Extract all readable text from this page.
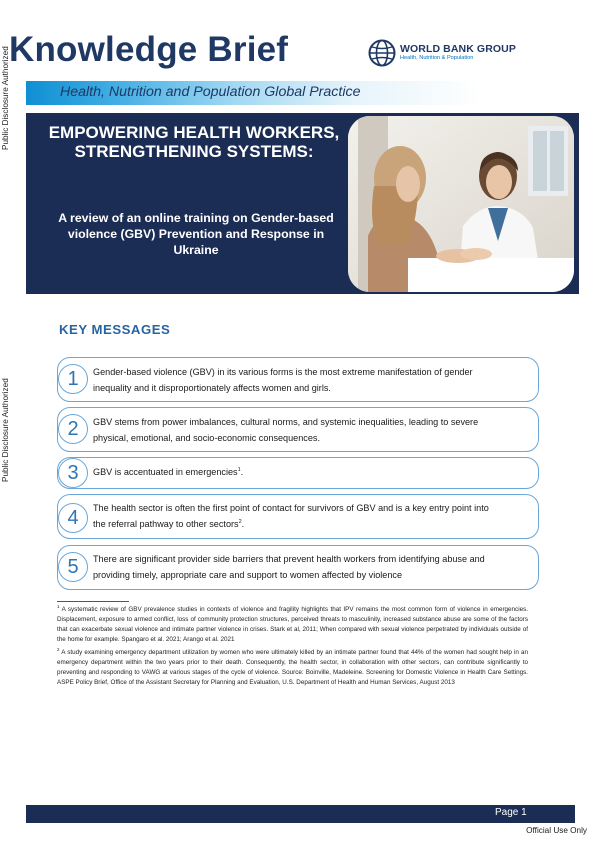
Public Disclosure Authorized
Public Disclosure Authorized
Knowledge Brief	WORLD BANK GROUP
Health, Nutrition & Population
Health, Nutrition and Population Global Practice
EMPOWERING HEALTH WORKERS, STRENGTHENING SYSTEMS:
A review of an online training on Gender-based violence (GBV) Prevention and Response in Ukraine
KEY MESSAGES
1	Gender-based violence (GBV) in its various forms is the most extreme manifestation of gender inequality and it disproportionately affects women and girls.
2	GBV stems from power imbalances, cultural norms, and systemic inequalities, leading to severe physical, emotional, and socio-economic consequences.
3	GBV is accentuated in emergencies$^1$.
4	The health sector is often the first point of contact for survivors of GBV and is a key entry point into the referral pathway to other sectors$^2$.
5	There are significant provider side barriers that prevent health workers from identifying abuse and providing timely, appropriate care and support to women affected by violence
$^1$ A systematic review of GBV prevalence studies in contexts of violence and fragility highlights that IPV remains the most common form of violence in emergencies. Displacement, exposure to armed conflict, loss of community protection structures, perceived threats to masculinity, increased substance abuse are some of the factors that can exacerbate sexual violence and intimate partner violence in crises. Stark et al, 2011; When compared with sexual violence perpetrated by individuals outside of the home for example. Spangaro et al. 2021; Arango et al. 2021
$^2$ A study examining emergency department utilization by women who were ultimately killed by an intimate partner found that 44% of the women had sought help in an emergency department within the two years prior to their death. Consequently, the health sector, in collaboration with other sectors, can contribute significantly to preventing and responding to VAWG at various stages of the cycle of violence. Source: Boinville, Madeleine. Screening for Domestic Violence in Health Care Settings. ASPE Policy Brief, Office of the Assistant Secretary for Planning and Evaluation, U.S. Department of Health and Human Services, August 2013
Page 1
Official Use Only
